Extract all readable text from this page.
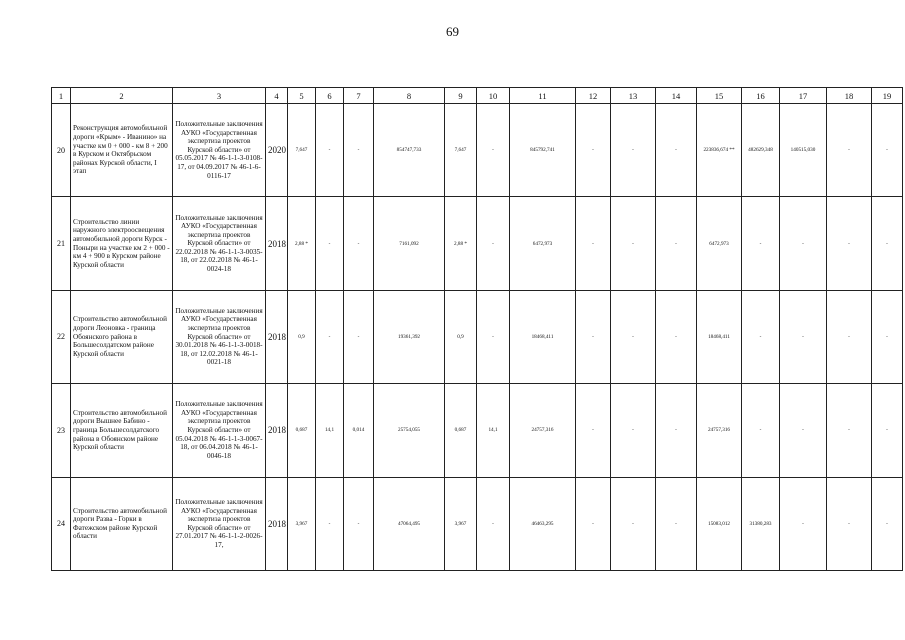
69
1	2	3	4	5	6	7	8	9	10	11	12	13	14	15	16	17	18	19
20	Реконструкция автомобильной дороги «Крым» - Иванино» на участке км 0 + 000 - км 8 + 200 в Курском и Октябрьском районах Курской области, I этап	Положительные заключения АУКО «Государственная экспертиза проектов Курской области» от 05.05.2017 № 46-1-1-3-0108-17, от 04.09.2017 № 46-1-6-0116-17	2020	7,647	-	-	854747,733	7,647	-	845792,741	-	-	-	223836,674 **	482629,348	140515,030	-	-
21	Строительство линии наружного электроосвещения автомобильной дороги Курск - Поныри на участке км 2 + 000 - км 4 + 900 в Курском районе Курской области	Положительные заключения АУКО «Государственная экспертиза проектов Курской области» от 22.02.2018 № 46-1-1-3-0035-18, от 22.02.2018 № 46-1-0024-18	2018	2,88 *	-	-	7161,092	2,88 *	-	6472,973	-	-	-	6472,973	-	-	-	-
22	Строительство автомобильной дороги Леоновка - граница Обоянского района в Большесолдатском районе Курской области	Положительные заключения АУКО «Государственная экспертиза проектов Курской области» от 30.01.2018 № 46-1-1-3-0018-18, от 12.02.2018 № 46-1-0021-18	2018	0,9	-	-	19361,392	0,9	-	18468,411	-	-	-	18468,411	-	-	-	-
23	Строительство автомобильной дороги Вышнее Бабино - граница Большесолдатского района в Обоянском районе Курской области	Положительные заключения АУКО «Государственная экспертиза проектов Курской области» от 05.04.2018 № 46-1-1-3-0067-18, от 06.04.2018 № 46-1-0046-18	2018	0,687	14,1	0,014	25754,055	0,687	14,1	24757,316	-	-	-	24757,316	-	-	-	-
24	Строительство автомобильной дороги Разва - Горки в Фатежском районе Курской области	Положительные заключения АУКО «Государственная экспертиза проектов Курской области» от 27.01.2017 № 46-1-1-2-0026-17,	2018	3,967	-	-	47064,495	3,967	-	46463,295	-	-	-	15083,012	31380,283	-	-	-
